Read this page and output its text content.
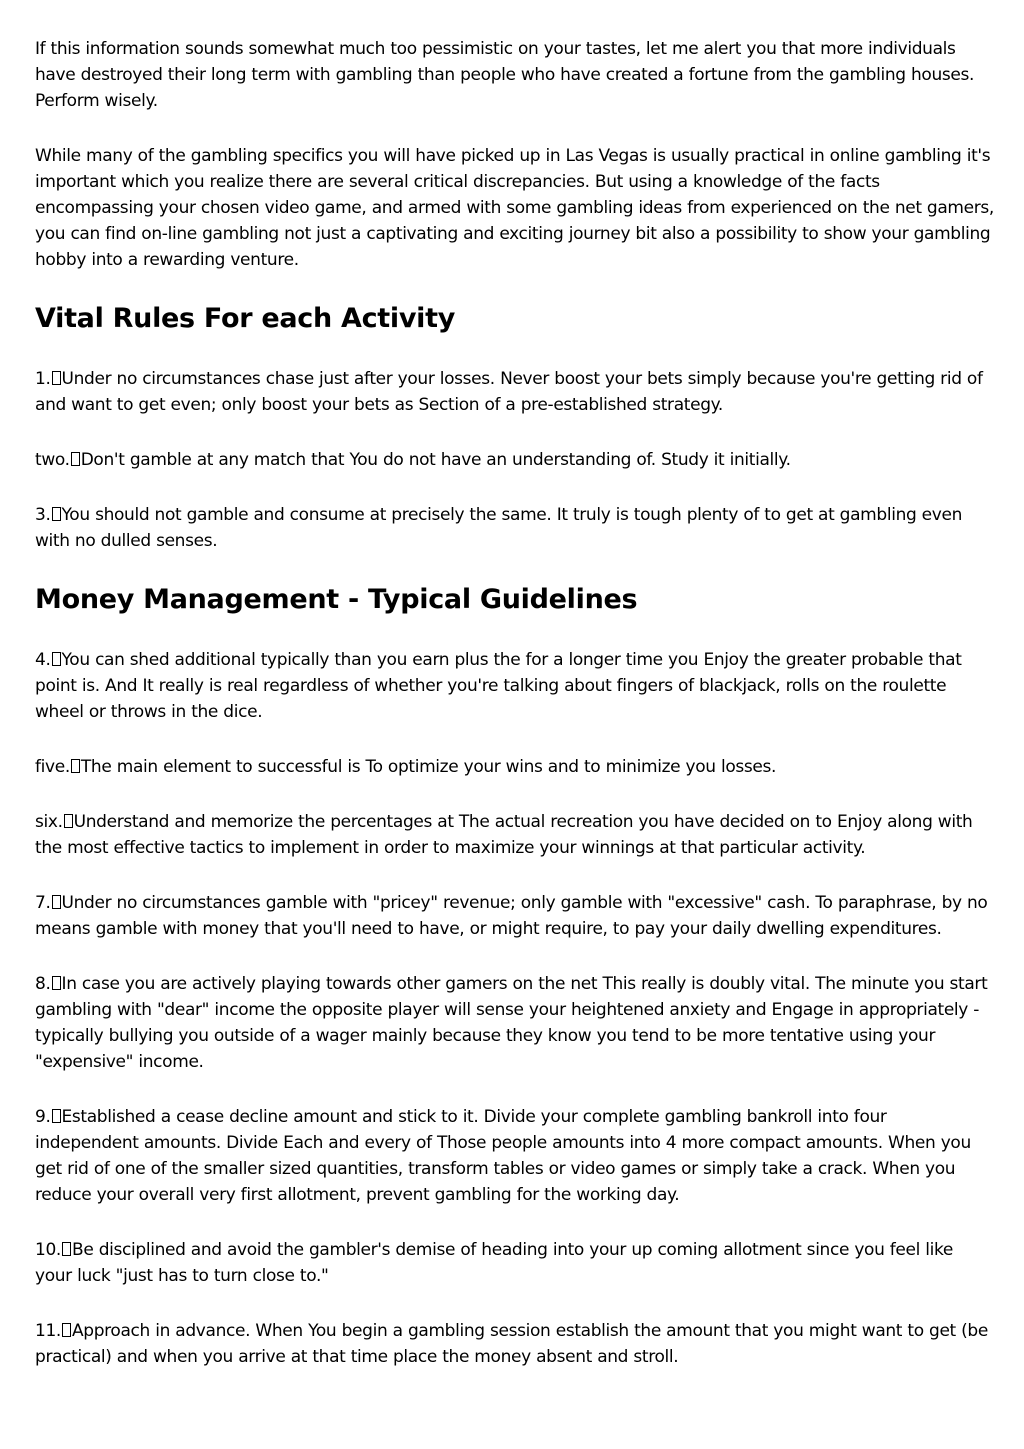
If this information sounds somewhat much too pessimistic on your tastes, let me alert you that more individuals have destroyed their long term with gambling than people who have created a fortune from the gambling houses. Perform wisely.

While many of the gambling specifics you will have picked up in Las Vegas is usually practical in online gambling it's important which you realize there are several critical discrepancies. But using a knowledge of the facts encompassing your chosen video game, and armed with some gambling ideas from experienced on the net gamers, you can find on-line gambling not just a captivating and exciting journey bit also a possibility to show your gambling hobby into a rewarding venture.

Vital Rules For each Activity

1. Under no circumstances chase just after your losses. Never boost your bets simply because you're getting rid of and want to get even; only boost your bets as Section of a pre-established strategy.

two. Don't gamble at any match that You do not have an understanding of. Study it initially.

3. You should not gamble and consume at precisely the same. It truly is tough plenty of to get at gambling even with no dulled senses.

Money Management - Typical Guidelines

4. You can shed additional typically than you earn plus the for a longer time you Enjoy the greater probable that point is. And It really is real regardless of whether you're talking about fingers of blackjack, rolls on the roulette wheel or throws in the dice.

five. The main element to successful is To optimize your wins and to minimize you losses.

six. Understand and memorize the percentages at The actual recreation you have decided on to Enjoy along with the most effective tactics to implement in order to maximize your winnings at that particular activity.

7. Under no circumstances gamble with "pricey" revenue; only gamble with "excessive" cash. To paraphrase, by no means gamble with money that you'll need to have, or might require, to pay your daily dwelling expenditures.

8. In case you are actively playing towards other gamers on the net This really is doubly vital. The minute you start gambling with "dear" income the opposite player will sense your heightened anxiety and Engage in appropriately - typically bullying you outside of a wager mainly because they know you tend to be more tentative using your "expensive" income.

9. Established a cease decline amount and stick to it. Divide your complete gambling bankroll into four independent amounts. Divide Each and every of Those people amounts into 4 more compact amounts. When you get rid of one of the smaller sized quantities, transform tables or video games or simply take a crack. When you reduce your overall very first allotment, prevent gambling for the working day.

10. Be disciplined and avoid the gambler's demise of heading into your up coming allotment since you feel like your luck "just has to turn close to."

11. Approach in advance. When You begin a gambling session establish the amount that you might want to get (be practical) and when you arrive at that time place the money absent and stroll.
